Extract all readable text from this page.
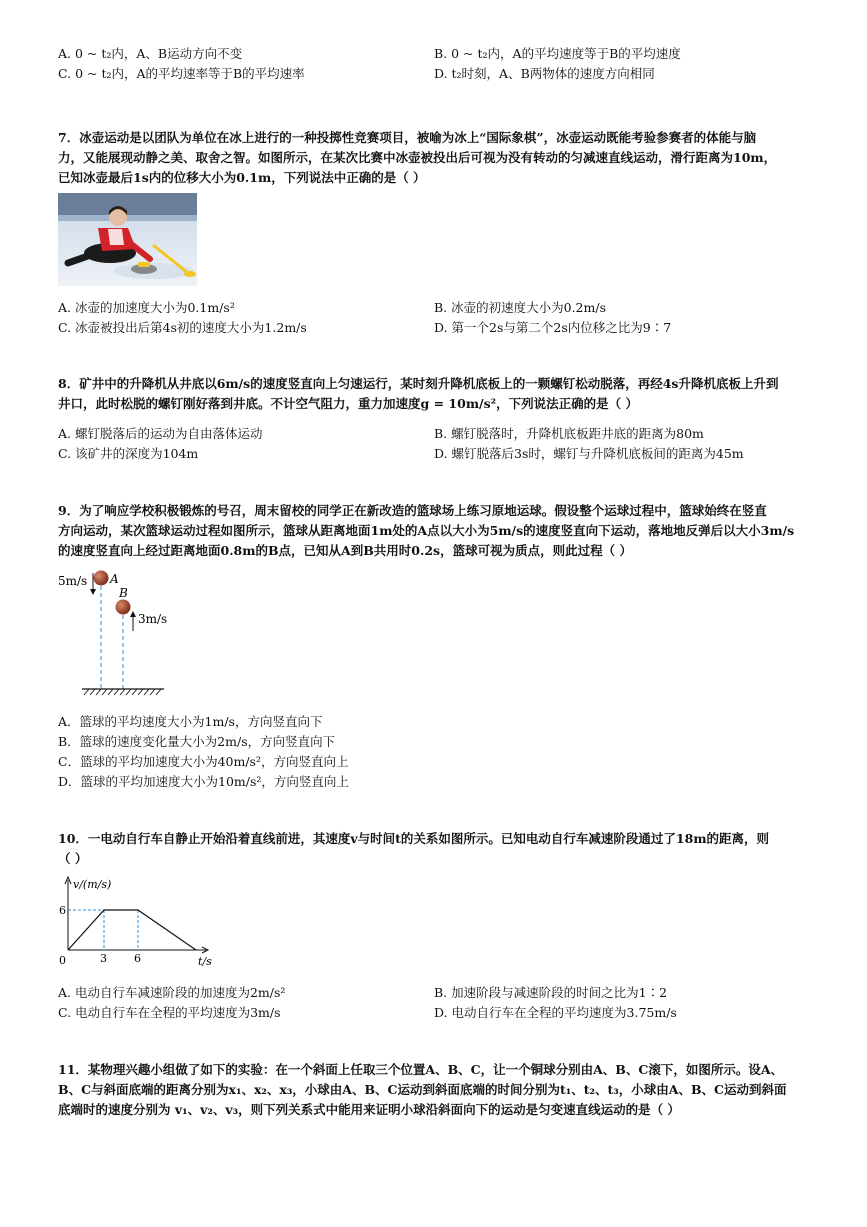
A. 0 ~ t₂内，A、B运动方向不变	B. 0 ~ t₂内，A的平均速度等于B的平均速度
C. 0 ~ t₂内，A的平均速率等于B的平均速率	D. t₂时刻，A、B两物体的速度方向相同
7．冰壶运动是以团队为单位在冰上进行的一种投掷性竞赛项目，被喻为冰上“国际象棋”，冰壶运动既能考验参赛者的体能与脑
力，又能展现动静之美、取舍之智。如图所示，在某次比赛中冰壶被投出后可视为没有转动的匀减速直线运动，滑行距离为10m，
已知冰壶最后1s内的位移大小为0.1m，下列说法中正确的是（ ）
A. 冰壶的加速度大小为0.1m/s²	B. 冰壶的初速度大小为0.2m/s
C. 冰壶被投出后第4s初的速度大小为1.2m/s	D. 第一个2s与第二个2s内位移之比为9∶7
8．矿井中的升降机从井底以6m/s的速度竖直向上匀速运行，某时刻升降机底板上的一颗螺钉松动脱落，再经4s升降机底板上升到
井口，此时松脱的螺钉刚好落到井底。不计空气阻力，重力加速度g = 10m/s²，下列说法正确的是（ ）
A. 螺钉脱落后的运动为自由落体运动	B. 螺钉脱落时，升降机底板距井底的距离为80m
C. 该矿井的深度为104m	D. 螺钉脱落后3s时，螺钉与升降机底板间的距离为45m
9．为了响应学校积极锻炼的号召，周末留校的同学正在新改造的篮球场上练习原地运球。假设整个运球过程中，篮球始终在竖直
方向运动，某次篮球运动过程如图所示，篮球从距离地面1m处的A点以大小为5m/s的速度竖直向下运动，落地地反弹后以大小3m/s
的速度竖直向上经过距离地面0.8m的B点，已知从A到B共用时0.2s，篮球可视为质点，则此过程（ ）
5m/s A
B
3m/s
A．篮球的平均速度大小为1m/s，方向竖直向下
B．篮球的速度变化量大小为2m/s，方向竖直向下
C．篮球的平均加速度大小为40m/s²，方向竖直向上
D．篮球的平均加速度大小为10m/s²，方向竖直向上
10．一电动自行车自静止开始沿着直线前进，其速度v与时间t的关系如图所示。已知电动自行车减速阶段通过了18m的距离，则
（ ）
v/(m/s)
t/s
0
6
3 6
A. 电动自行车减速阶段的加速度为2m/s²	B. 加速阶段与减速阶段的时间之比为1∶2
C. 电动自行车在全程的平均速度为3m/s	D. 电动自行车在全程的平均速度为3.75m/s
11．某物理兴趣小组做了如下的实验：在一个斜面上任取三个位置A、B、C，让一个铜球分别由A、B、C滚下，如图所示。设A、
B、C与斜面底端的距离分别为x₁、x₂、x₃，小球由A、B、C运动到斜面底端的时间分别为t₁、t₂、t₃，小球由A、B、C运动到斜面
底端时的速度分别为 v₁、v₂、v₃，则下列关系式中能用来证明小球沿斜面向下的运动是匀变速直线运动的是（ ）
